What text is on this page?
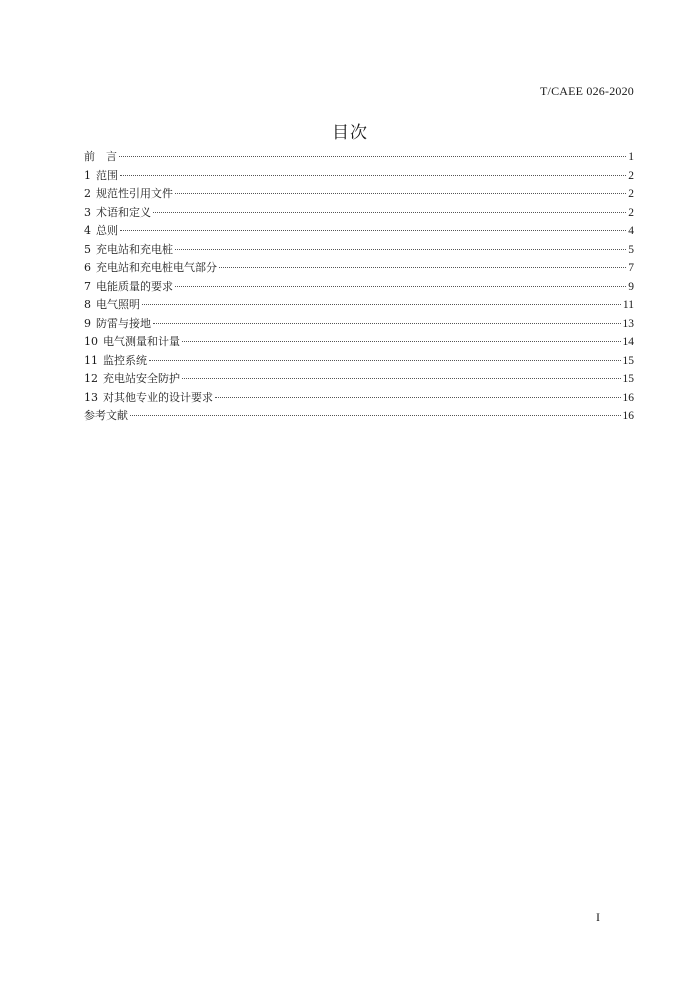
T/CAEE 026-2020
目次
前　言	1
1 范围	2
2 规范性引用文件	2
3 术语和定义	2
4 总则	4
5 充电站和充电桩	5
6 充电站和充电桩电气部分	7
7 电能质量的要求	9
8 电气照明	11
9 防雷与接地	13
10 电气测量和计量	14
11 监控系统	15
12 充电站安全防护	15
13 对其他专业的设计要求	16
参考文献	16
I
